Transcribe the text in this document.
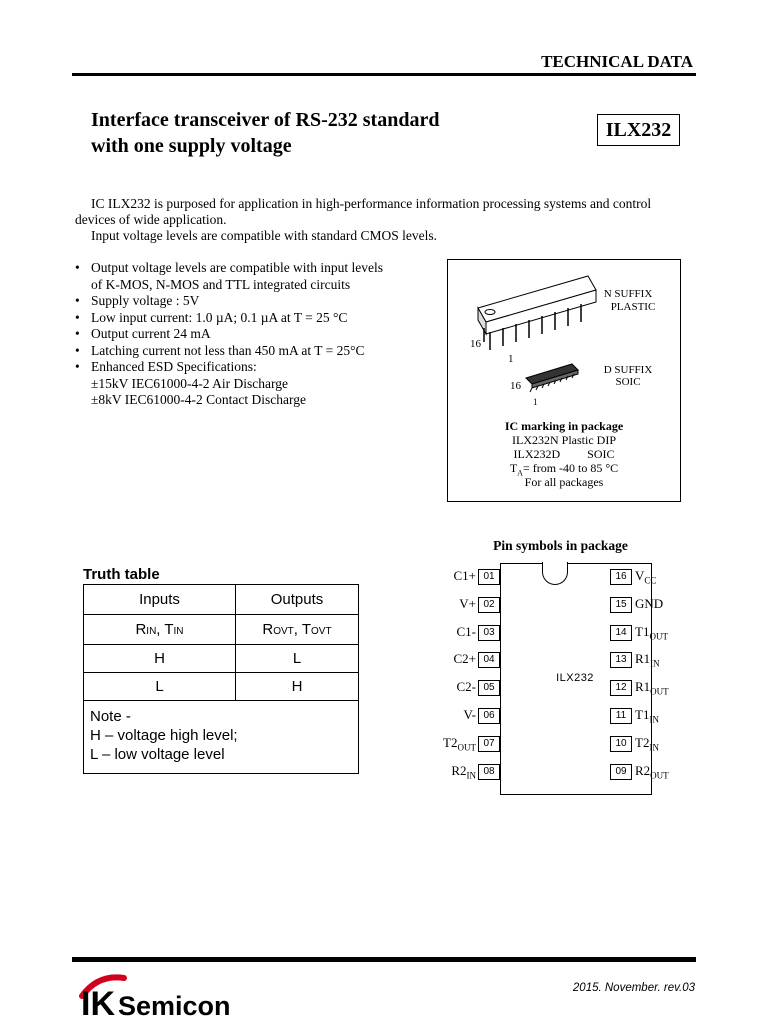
TECHNICAL DATA
Interface transceiver of RS-232 standard
with one supply voltage
ILX232
IC ILX232 is purposed for application in high-performance information processing systems and control devices of wide application.
Input voltage levels are compatible with standard CMOS levels.
• Output voltage levels are compatible with input levels
of K-MOS, N-MOS and TTL integrated circuits
• Supply voltage : 5V
• Low input current: 1.0 µA; 0.1 µA at T = 25 °C
• Output current 24 mA
• Latching current not less than 450 mA at T = 25°C
• Enhanced ESD Specifications:
±15kV IEC61000-4-2 Air Discharge
±8kV IEC61000-4-2 Contact Discharge
N SUFFIX
PLASTIC
16
1
D SUFFIX
SOIC
16
1
IC marking in package
ILX232N Plastic DIP
ILX232D         SOIC
$T_A=$ from -40 to 85 °C
For all packages
Pin symbols in package
ILX232
C1+ 01
V+ 02
C1- 03
C2+ 04
C2- 05
V- 06
$T2_{OUT}$ 07
$R2_{IN}$ 08
$V_{CC}$
16
GND
15
$T1_{OUT}$
14
$R1_{IN}$
13
$R1_{OUT}$
12
$T1_{IN}$
11
$T2_{IN}$
10
$R2_{OUT}$
09
Truth table
Inputs	Outputs
RIN, TIN	ROVT, TOVT
H	L
L	H

Note -
H – voltage high level;
L – low voltage level	
2015. November. rev.03
IK Semicon
